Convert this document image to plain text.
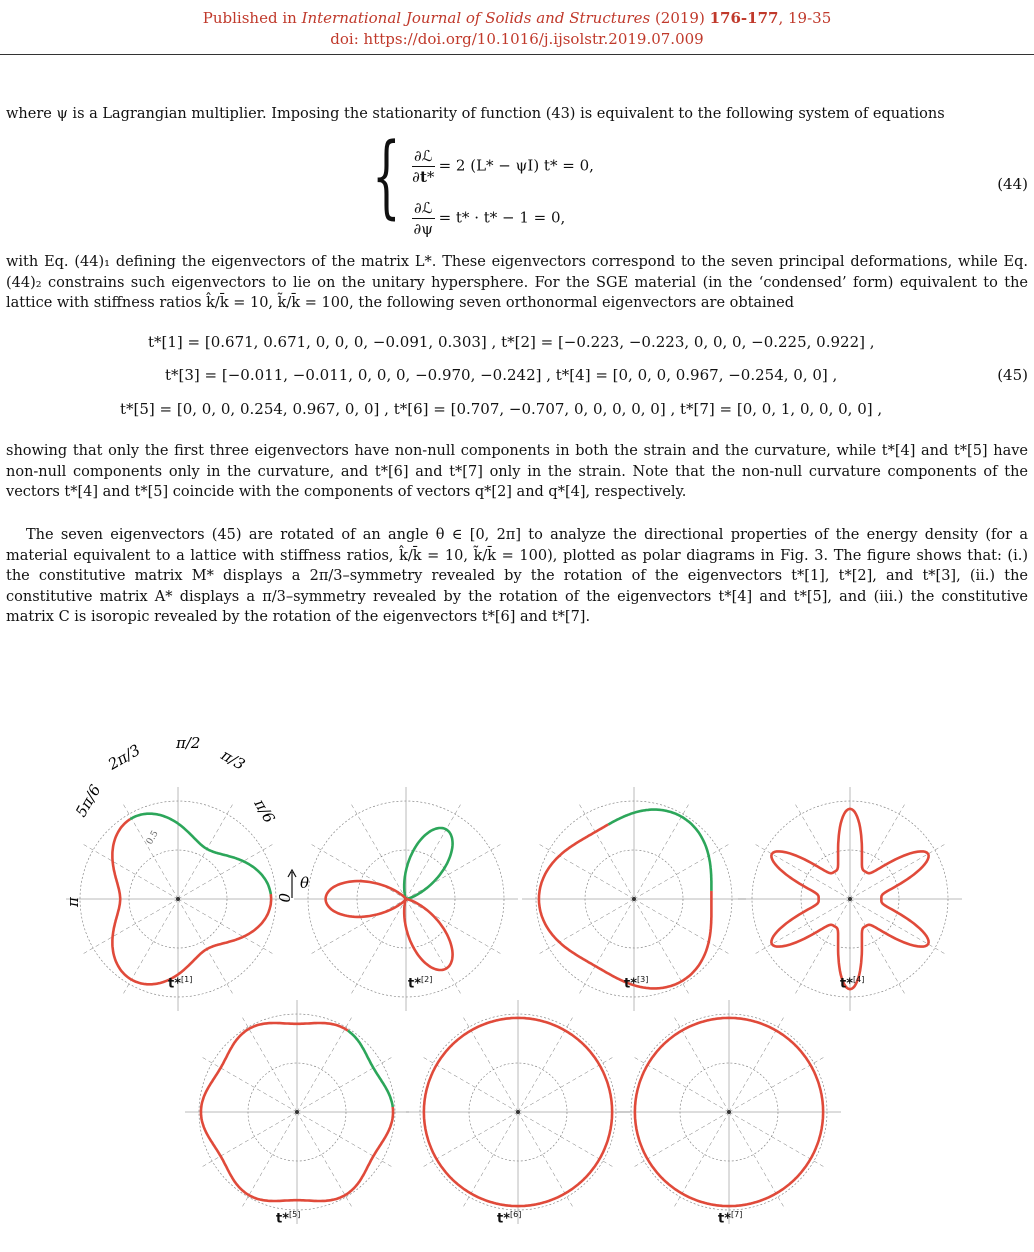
Published in International Journal of Solids and Structures (2019) 176-177, 19-35
doi: https://doi.org/10.1016/j.ijsolstr.2019.07.009
where ψ is a Lagrangian multiplier. Imposing the stationarity of function (43) is equivalent to the following system of equations
{ $\frac{\text{∂ℒ}}{\partial t*} = 2$ (L* − ψI) t* = 0,
$\frac{\text{∂ℒ}}{\partial\psi} = t* \cdot t* - 1 = 0$,
(44)
with Eq. (44)₁ defining the eigenvectors of the matrix L*. These eigenvectors correspond to the seven principal deformations, while Eq. (44)₂ constrains such eigenvectors to lie on the unitary hypersphere. For the SGE material (in the ‘condensed’ form) equivalent to the lattice with stiffness ratios k̂/k̄ = 10, k̃/k̄ = 100, the following seven orthonormal eigenvectors are obtained
t*[1] = [0.671, 0.671, 0, 0, 0, −0.091, 0.303] , t*[2] = [−0.223, −0.223, 0, 0, 0, −0.225, 0.922] ,
t*[3] = [−0.011, −0.011, 0, 0, 0, −0.970, −0.242] , t*[4] = [0, 0, 0, 0.967, −0.254, 0, 0] ,
t*[5] = [0, 0, 0, 0.254, 0.967, 0, 0] , t*[6] = [0.707, −0.707, 0, 0, 0, 0, 0] , t*[7] = [0, 0, 1, 0, 0, 0, 0] ,
(45)
showing that only the first three eigenvectors have non-null components in both the strain and the curvature, while t*[4] and t*[5] have non-null components only in the curvature, and t*[6] and t*[7] only in the strain. Note that the non-null curvature components of the vectors t*[4] and t*[5] coincide with the components of vectors q*[2] and q*[4], respectively.
The seven eigenvectors (45) are rotated of an angle θ ∈ [0, 2π] to analyze the directional properties of the energy density (for a material equivalent to a lattice with stiffness ratios, k̂/k̄ = 10, k̃/k̄ = 100), plotted as polar diagrams in Fig. 3. The figure shows that: (i.) the constitutive matrix M* displays a 2π/3–symmetry revealed by the rotation of the eigenvectors t*[1], t*[2], and t*[3], (ii.) the constitutive matrix A* displays a π/3–symmetry revealed by the rotation of the eigenvectors t*[4] and t*[5], and (iii.) the constitutive matrix C is isoropic revealed by the rotation of the eigenvectors t*[6] and t*[7].
π/2
π/3
2π/3
π/6
5π/6
π	0
0.5
θ
t*[1]	t*[2]	t*[3]	t*[4]
t*[5]	t*[6]	t*[7]
